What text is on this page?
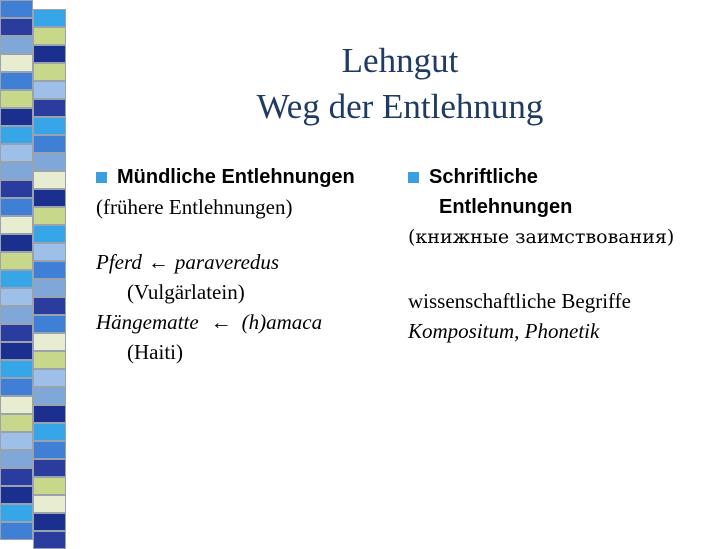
Lehngut
Weg der Entlehnung
Mündliche Entlehnungen
(frühere Entlehnungen)
Pferd ← paraveredus
(Vulgärlatein)
Hängematte ← (h)amaca
(Haiti)
Schriftliche
Entlehnungen
(книжные заимствования)
wissenschaftliche Begriffe
Kompositum, Phonetik
